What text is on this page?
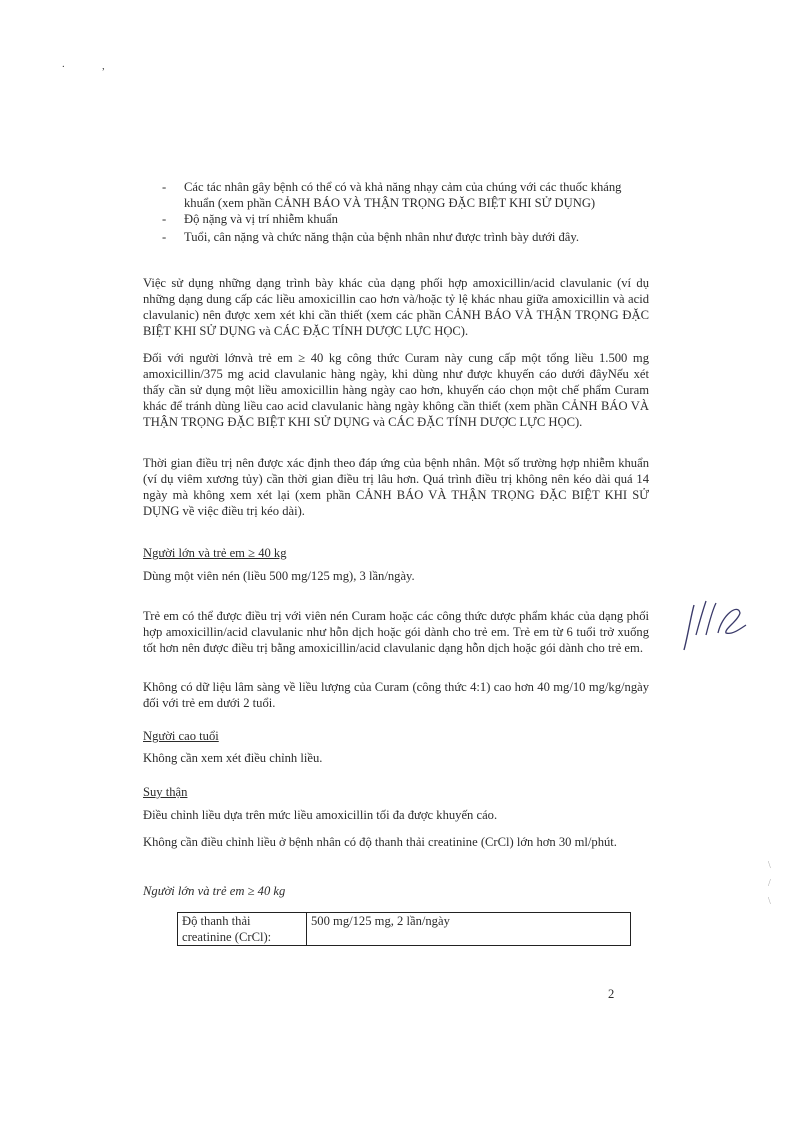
.	,
- Các tác nhân gây bệnh có thể có và khả năng nhạy cảm của chúng với các thuốc kháng khuẩn (xem phần CẢNH BÁO VÀ THẬN TRỌNG ĐẶC BIỆT KHI SỬ DỤNG)
- Độ nặng và vị trí nhiễm khuẩn
- Tuổi, cân nặng và chức năng thận của bệnh nhân như được trình bày dưới đây.

Việc sử dụng những dạng trình bày khác của dạng phối hợp amoxicillin/acid clavulanic (ví dụ những dạng dung cấp các liều amoxicillin cao hơn và/hoặc tỷ lệ khác nhau giữa amoxicillin và acid clavulanic) nên được xem xét khi cần thiết (xem các phần CẢNH BÁO VÀ THẬN TRỌNG ĐẶC BIỆT KHI SỬ DỤNG và CÁC ĐẶC TÍNH DƯỢC LỰC HỌC).

Đối với người lớnvà trẻ em ≥ 40 kg công thức Curam này cung cấp một tổng liều 1.500 mg amoxicillin/375 mg acid clavulanic hàng ngày, khi dùng như được khuyến cáo dưới đâyNếu xét thấy cần sử dụng một liều amoxicillin hàng ngày cao hơn, khuyến cáo chọn một chế phẩm Curam khác để tránh dùng liều cao acid clavulanic hàng ngày không cần thiết (xem phần CẢNH BÁO VÀ THẬN TRỌNG ĐẶC BIỆT KHI SỬ DỤNG và CÁC ĐẶC TÍNH DƯỢC LỰC HỌC).

Thời gian điều trị nên được xác định theo đáp ứng của bệnh nhân. Một số trường hợp nhiễm khuẩn (ví dụ viêm xương tủy) cần thời gian điều trị lâu hơn. Quá trình điều trị không nên kéo dài quá 14 ngày mà không xem xét lại (xem phần CẢNH BÁO VÀ THẬN TRỌNG ĐẶC BIỆT KHI SỬ DỤNG về việc điều trị kéo dài).

Người lớn và trẻ em ≥ 40 kg

Dùng một viên nén (liều 500 mg/125 mg), 3 lần/ngày.

Trẻ em có thể được điều trị với viên nén Curam hoặc các công thức dược phẩm khác của dạng phối hợp amoxicillin/acid clavulanic như hỗn dịch hoặc gói dành cho trẻ em. Trẻ em từ 6 tuổi trở xuống tốt hơn nên được điều trị bằng amoxicillin/acid clavulanic dạng hỗn dịch hoặc gói dành cho trẻ em.

Không có dữ liệu lâm sàng về liều lượng của Curam (công thức 4:1) cao hơn 40 mg/10 mg/kg/ngày đối với trẻ em dưới 2 tuổi.

Người cao tuổi

Không cần xem xét điều chỉnh liều.

Suy thận

Điều chỉnh liều dựa trên mức liều amoxicillin tối đa được khuyến cáo.

Không cần điều chỉnh liều ở bệnh nhân có độ thanh thải creatinine (CrCl) lớn hơn 30 ml/phút.

Người lớn và trẻ em ≥ 40 kg
Độ thanh thải creatinine (CrCl):	500 mg/125 mg, 2 lần/ngày
2
\
/
\
